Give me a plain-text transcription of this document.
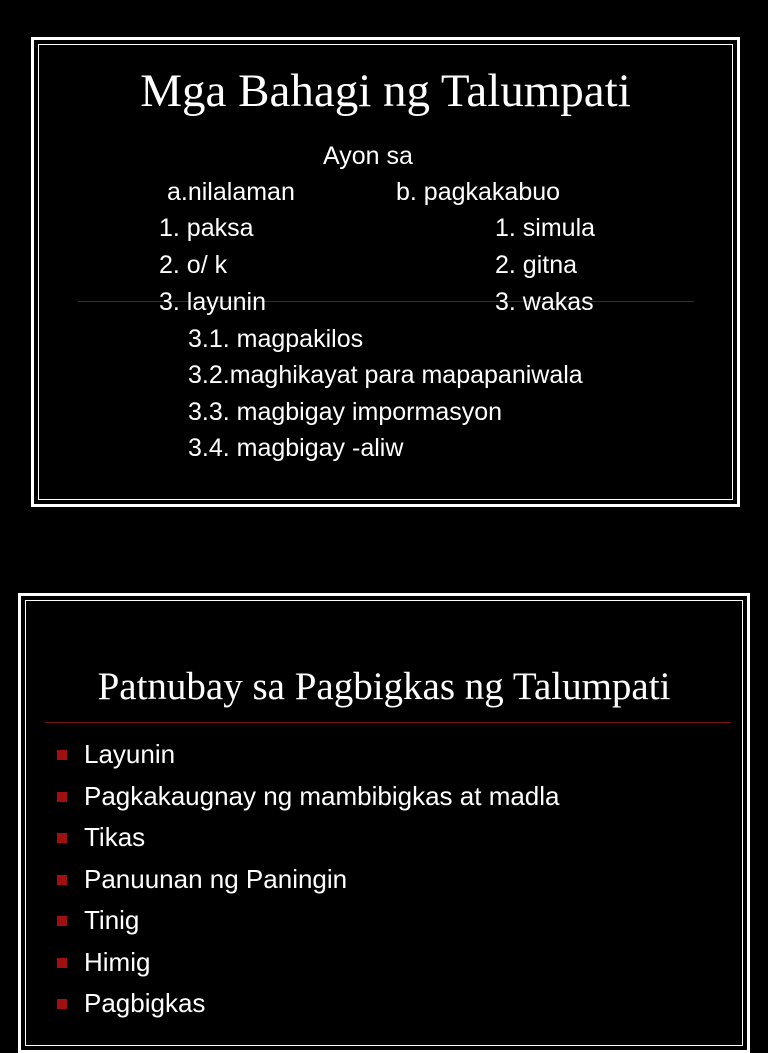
Mga Bahagi ng Talumpati
Ayon sa
a.nilalaman	b. pagkakabuo
1. paksa
2. o/ k
3. layunin
1. simula
2. gitna
3. wakas
3.1. magpakilos
3.2.maghikayat para mapapaniwala
3.3. magbigay impormasyon
3.4. magbigay -aliw
Patnubay sa Pagbigkas ng Talumpati
Layunin
Pagkakaugnay ng mambibigkas at madla
Tikas
Panuunan ng Paningin
Tinig
Himig
Pagbigkas
